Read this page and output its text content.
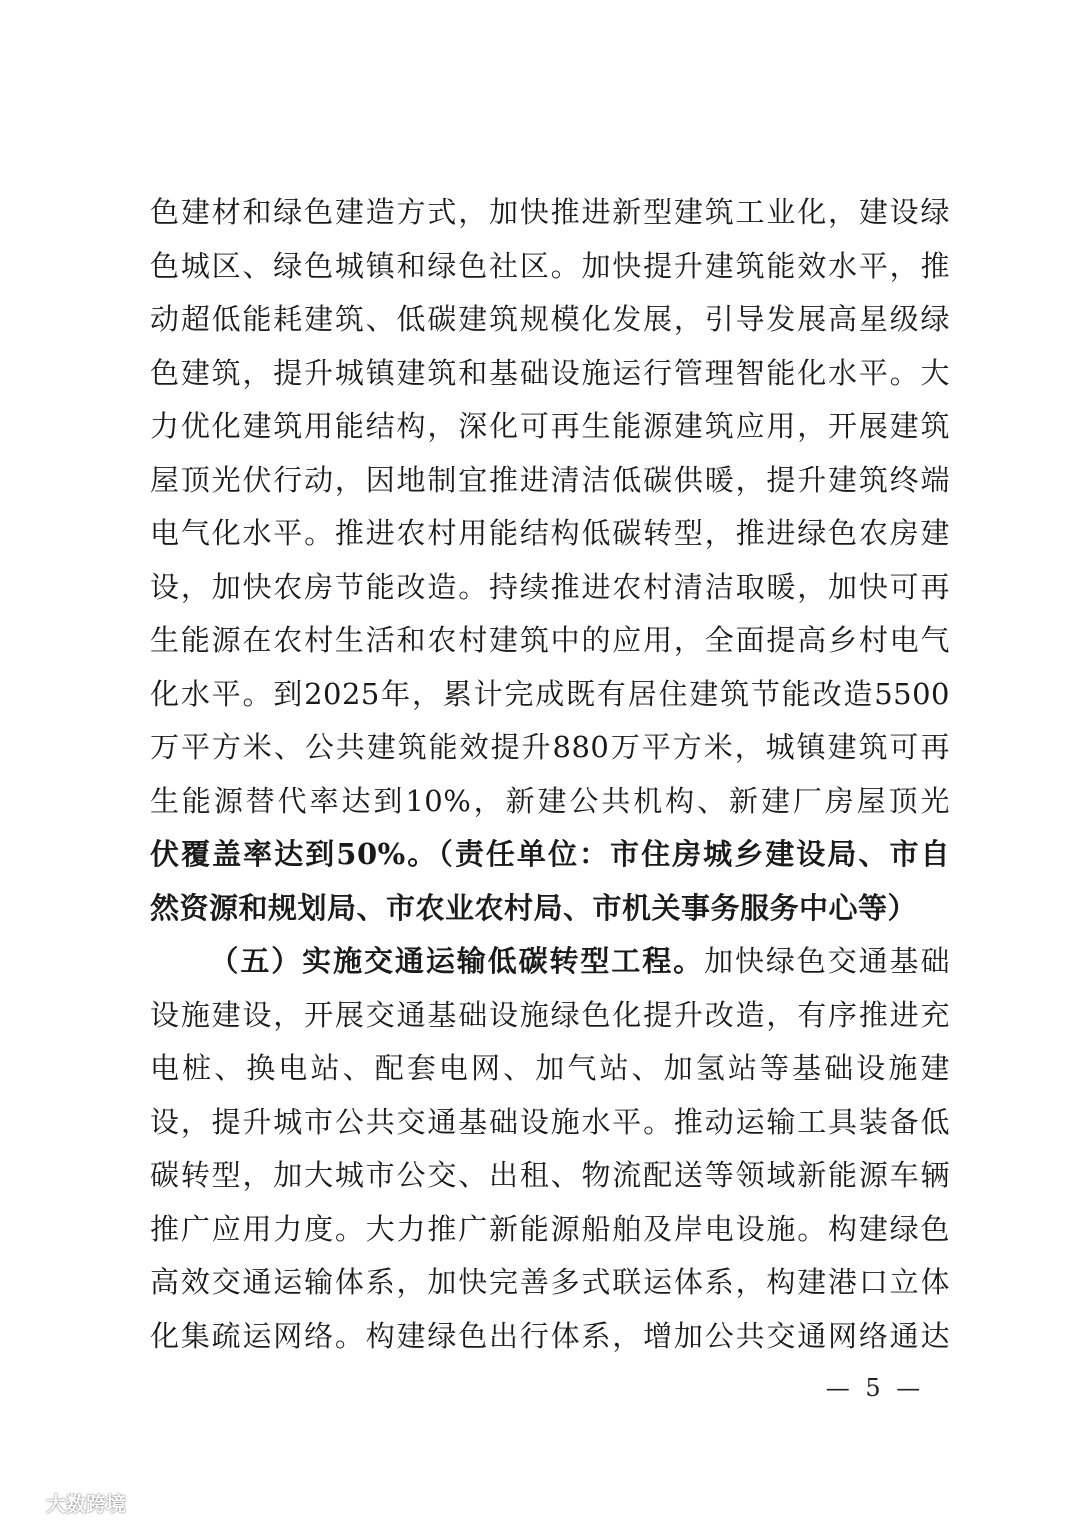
色建材和绿色建造方式，加快推进新型建筑工业化，建设绿
色城区、绿色城镇和绿色社区。加快提升建筑能效水平，推
动超低能耗建筑、低碳建筑规模化发展，引导发展高星级绿
色建筑，提升城镇建筑和基础设施运行管理智能化水平。大
力优化建筑用能结构，深化可再生能源建筑应用，开展建筑
屋顶光伏行动，因地制宜推进清洁低碳供暖，提升建筑终端
电气化水平。推进农村用能结构低碳转型，推进绿色农房建
设，加快农房节能改造。持续推进农村清洁取暖，加快可再
生能源在农村生活和农村建筑中的应用，全面提高乡村电气
化水平。到2025年，累计完成既有居住建筑节能改造5500
万平方米、公共建筑能效提升880万平方米，城镇建筑可再
生能源替代率达到10%，新建公共机构、新建厂房屋顶光
伏覆盖率达到50%。（责任单位：市住房城乡建设局、市自
然资源和规划局、市农业农村局、市机关事务服务中心等）
（五）实施交通运输低碳转型工程。加快绿色交通基础
设施建设，开展交通基础设施绿色化提升改造，有序推进充
电桩、换电站、配套电网、加气站、加氢站等基础设施建
设，提升城市公共交通基础设施水平。推动运输工具装备低
碳转型，加大城市公交、出租、物流配送等领域新能源车辆
推广应用力度。大力推广新能源船舶及岸电设施。构建绿色
高效交通运输体系，加快完善多式联运体系，构建港口立体
化集疏运网络。构建绿色出行体系，增加公共交通网络通达
— 5 —
大数跨境
